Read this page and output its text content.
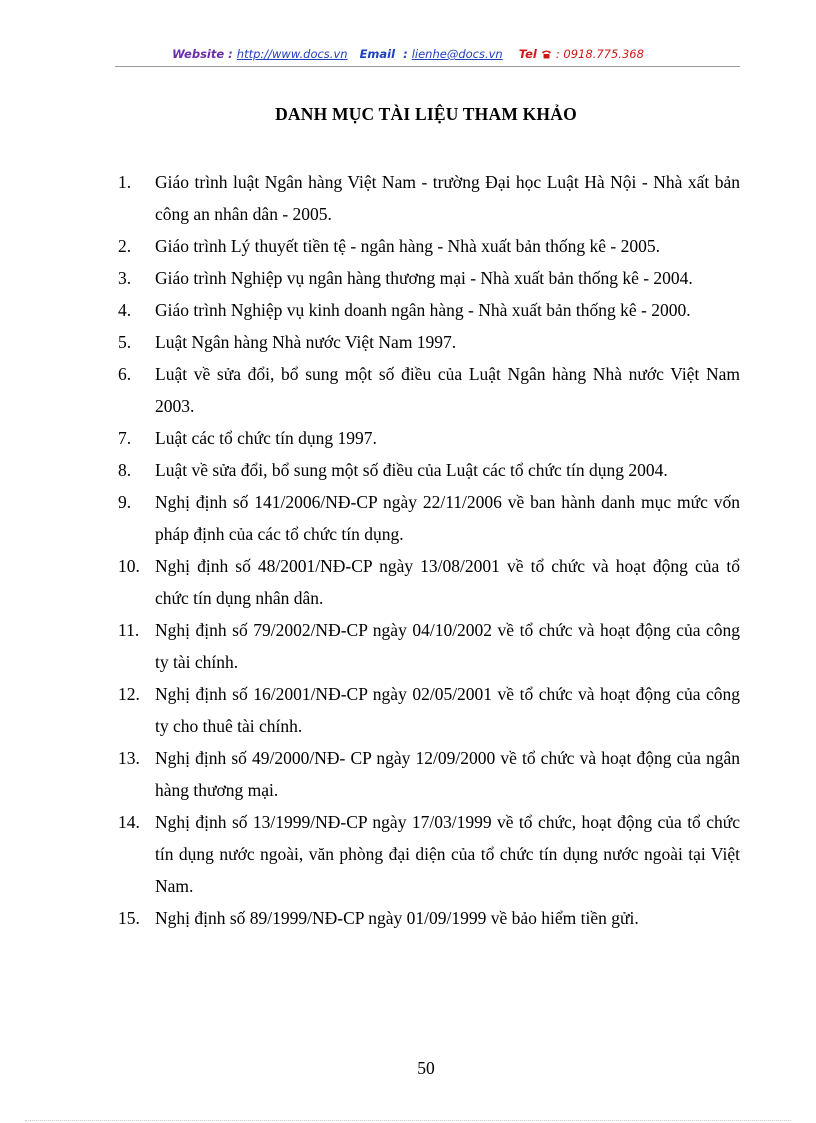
Website : http://www.docs.vn Email : lienhe@docs.vn Tel : 0918.775.368
DANH MỤC TÀI LIỆU THAM KHẢO
1. Giáo trình luật Ngân hàng Việt Nam - trường Đại học Luật Hà Nội - Nhà xất bản công an nhân dân - 2005.
2. Giáo trình Lý thuyết tiền tệ - ngân hàng - Nhà xuất bản thống kê - 2005.
3. Giáo trình Nghiệp vụ ngân hàng thương mại - Nhà xuất bản thống kê - 2004.
4. Giáo trình Nghiệp vụ kinh doanh ngân hàng - Nhà xuất bản thống kê - 2000.
5. Luật Ngân hàng Nhà nước Việt Nam 1997.
6. Luật về sửa đổi, bổ sung một số điều của Luật Ngân hàng Nhà nước Việt Nam 2003.
7. Luật các tổ chức tín dụng 1997.
8. Luật về sửa đổi, bổ sung một số điều của Luật các tổ chức tín dụng 2004.
9. Nghị định số 141/2006/NĐ-CP ngày 22/11/2006 về ban hành danh mục mức vốn pháp định của các tổ chức tín dụng.
10. Nghị định số 48/2001/NĐ-CP ngày 13/08/2001 về tổ chức và hoạt động của tổ chức tín dụng nhân dân.
11. Nghị định số 79/2002/NĐ-CP ngày 04/10/2002 về tổ chức và hoạt động của công ty tài chính.
12. Nghị định số 16/2001/NĐ-CP ngày 02/05/2001 về tổ chức và hoạt động của công ty cho thuê tài chính.
13. Nghị định số 49/2000/NĐ- CP ngày 12/09/2000 về tổ chức và hoạt động của ngân hàng thương mại.
14. Nghị định số 13/1999/NĐ-CP ngày 17/03/1999 về tổ chức, hoạt động của tổ chức tín dụng nước ngoài, văn phòng đại diện của tổ chức tín dụng nước ngoài tại Việt Nam.
15. Nghị định số 89/1999/NĐ-CP ngày 01/09/1999 về bảo hiểm tiền gửi.
50
